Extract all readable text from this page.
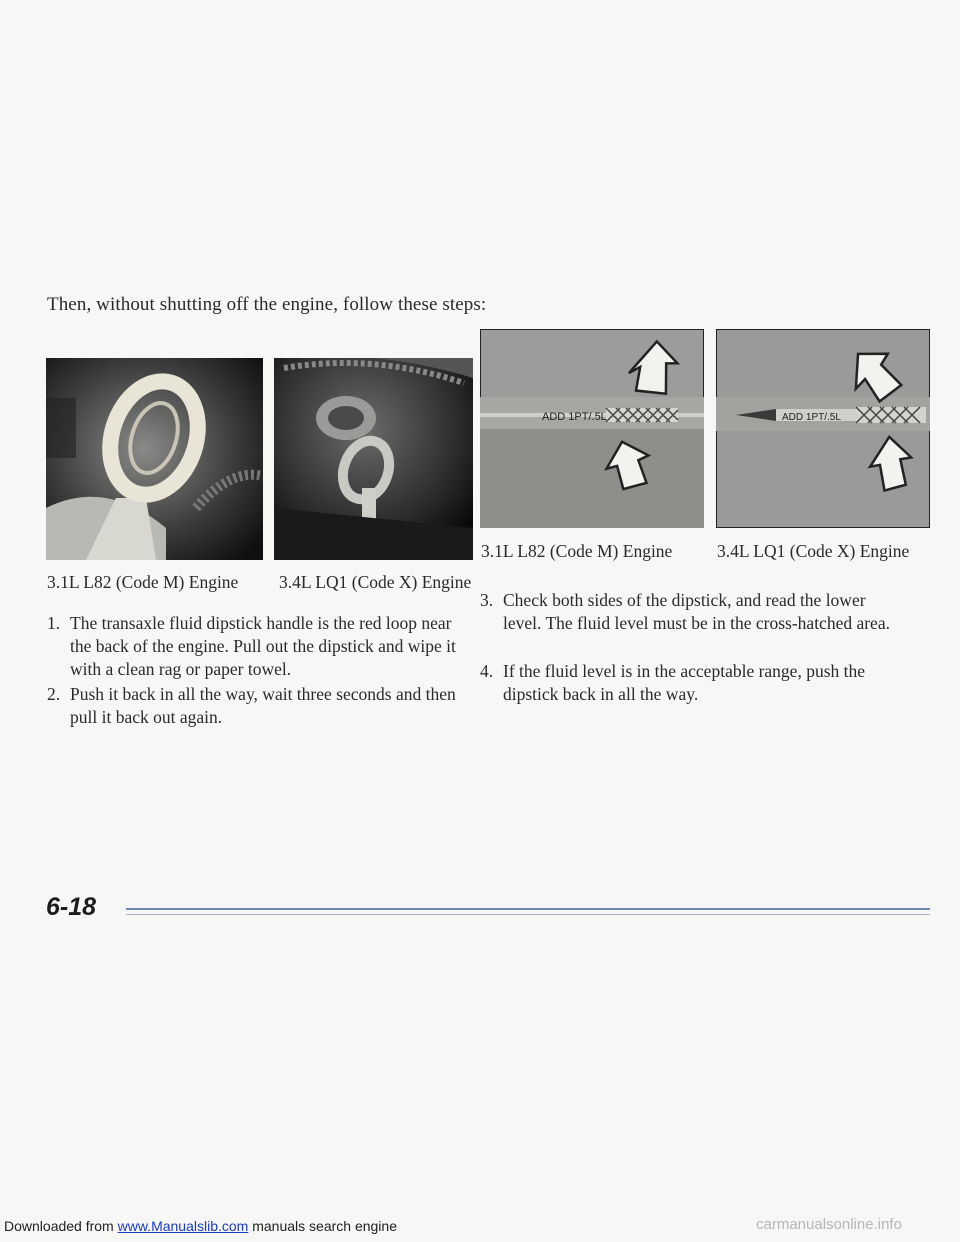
Then, without shutting off the engine, follow these steps:
3.1L L82 (Code M) Engine 3.4L LQ1 (Code X) Engine
ADD 1PT/.5L	ADD 1PT/.5L
3.1L L82 (Code M) Engine	3.4L LQ1 (Code X) Engine
1. The transaxle fluid dipstick handle is the red loop near the back of the engine. Pull out the dipstick and wipe it with a clean rag or paper towel.
2. Push it back in all the way, wait three seconds and then pull it back out again.
3. Check both sides of the dipstick, and read the lower level. The fluid level must be in the cross-hatched area.
4. If the fluid level is in the acceptable range, push the dipstick back in all the way.
6-18
Downloaded from www.Manualslib.com manuals search engine	carmanualsonline.info
